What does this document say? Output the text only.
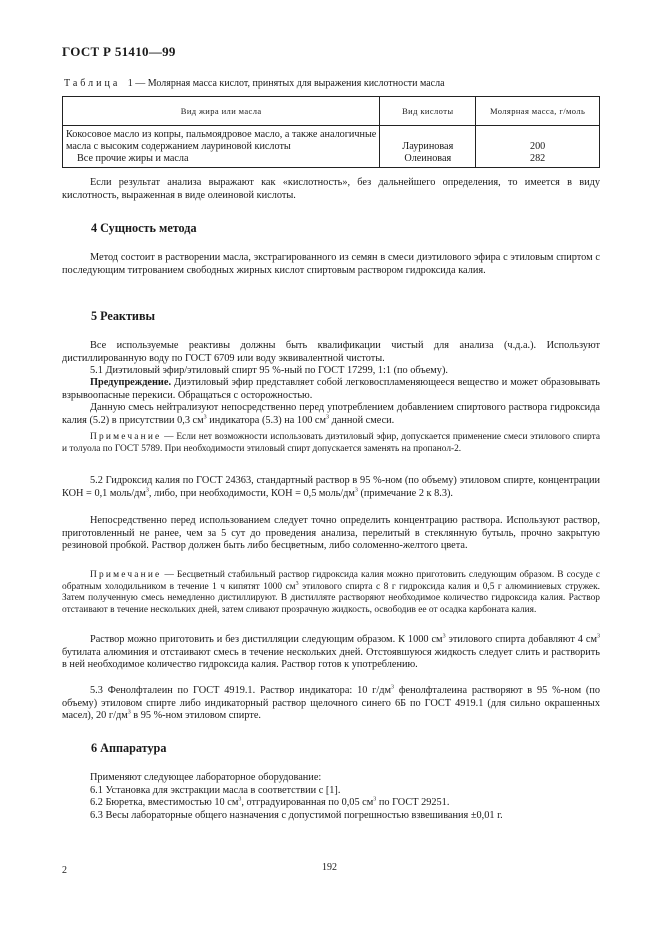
ГОСТ Р 51410—99
Таблица 1 — Молярная масса кислот, принятых для выражения кислотности масла
Вид жира или масла	Вид кислоты	Молярная масса, г/моль
Кокосовое масло из копры, пальмоядровое масло, а также аналогичные масла с высоким содержанием лауриновой кислоты	Лауриновая	200
Все прочие жиры и масла	Олеиновая	282
Если результат анализа выражают как «кислотность», без дальнейшего определения, то имеется в виду кислотность, выраженная в виде олеиновой кислоты.
4 Сущность метода
Метод состоит в растворении масла, экстрагированного из семян в смеси диэтилового эфира с этиловым спиртом с последующим титрованием свободных жирных кислот спиртовым раствором гидроксида калия.
5 Реактивы
Все используемые реактивы должны быть квалификации чистый для анализа (ч.д.а.). Используют дистиллированную воду по ГОСТ 6709 или воду эквивалентной чистоты.
5.1 Диэтиловый эфир/этиловый спирт 95 %-ный по ГОСТ 17299, 1:1 (по объему).
Предупреждение. Диэтиловый эфир представляет собой легковоспламеняющееся вещество и может образовывать взрывоопасные перекиси. Обращаться с осторожностью.
Данную смесь нейтрализуют непосредственно перед употреблением добавлением спиртового раствора гидроксида калия (5.2) в присутствии 0,3 $см^3$ индикатора (5.3) на 100 $см^3$ данной смеси.
Примечание — Если нет возможности использовать диэтиловый эфир, допускается применение смеси этилового спирта и толуола по ГОСТ 5789. При необходимости этиловый спирт допускается заменять на пропанол-2.
5.2 Гидроксид калия по ГОСТ 24363, стандартный раствор в 95 %-ном (по объему) этиловом спирте, концентрации КОН = 0,1 моль/$дм^3$, либо, при необходимости, КОН = 0,5 моль/$дм^3$ (примечание 2 к 8.3).
Непосредственно перед использованием следует точно определить концентрацию раствора. Используют раствор, приготовленный не ранее, чем за 5 сут до проведения анализа, перелитый в стеклянную бутыль, прочно закрытую резиновой пробкой. Раствор должен быть либо бесцветным, либо соломенно-желтого цвета.
Примечание — Бесцветный стабильный раствор гидроксида калия можно приготовить следующим образом. В сосуде с обратным холодильником в течение 1 ч кипятят 1000 $см^3$ этилового спирта с 8 г гидроксида калия и 0,5 г алюминиевых стружек. Затем полученную смесь немедленно дистиллируют. В дистилляте растворяют необходимое количество гидроксида калия. Раствор отстаивают в течение нескольких дней, затем сливают прозрачную жидкость, освободив ее от осадка карбоната калия.
Раствор можно приготовить и без дистилляции следующим образом. К 1000 $см^3$ этилового спирта добавляют 4 $см^3$ бутилата алюминия и отстаивают смесь в течение нескольких дней. Отстоявшуюся жидкость следует слить и растворить в ней необходимое количество гидроксида калия. Раствор готов к употреблению.
5.3 Фенолфталеин по ГОСТ 4919.1. Раствор индикатора: 10 $г/дм^3$ фенолфталеина растворяют в 95 %-ном (по объему) этиловом спирте либо индикаторный раствор щелочного синего 6Б по ГОСТ 4919.1 (для сильно окрашенных масел), 20 $г/дм^3$ в 95 %-ном этиловом спирте.
6 Аппаратура
Применяют следующее лабораторное оборудование:
6.1 Установка для экстракции масла в соответствии с [1].
6.2 Бюретка, вместимостью 10 $см^3$, отградуированная по 0,05 $см^3$ по ГОСТ 29251.
6.3 Весы лабораторные общего назначения с допустимой погрешностью взвешивания ±0,01 г.
2	192
